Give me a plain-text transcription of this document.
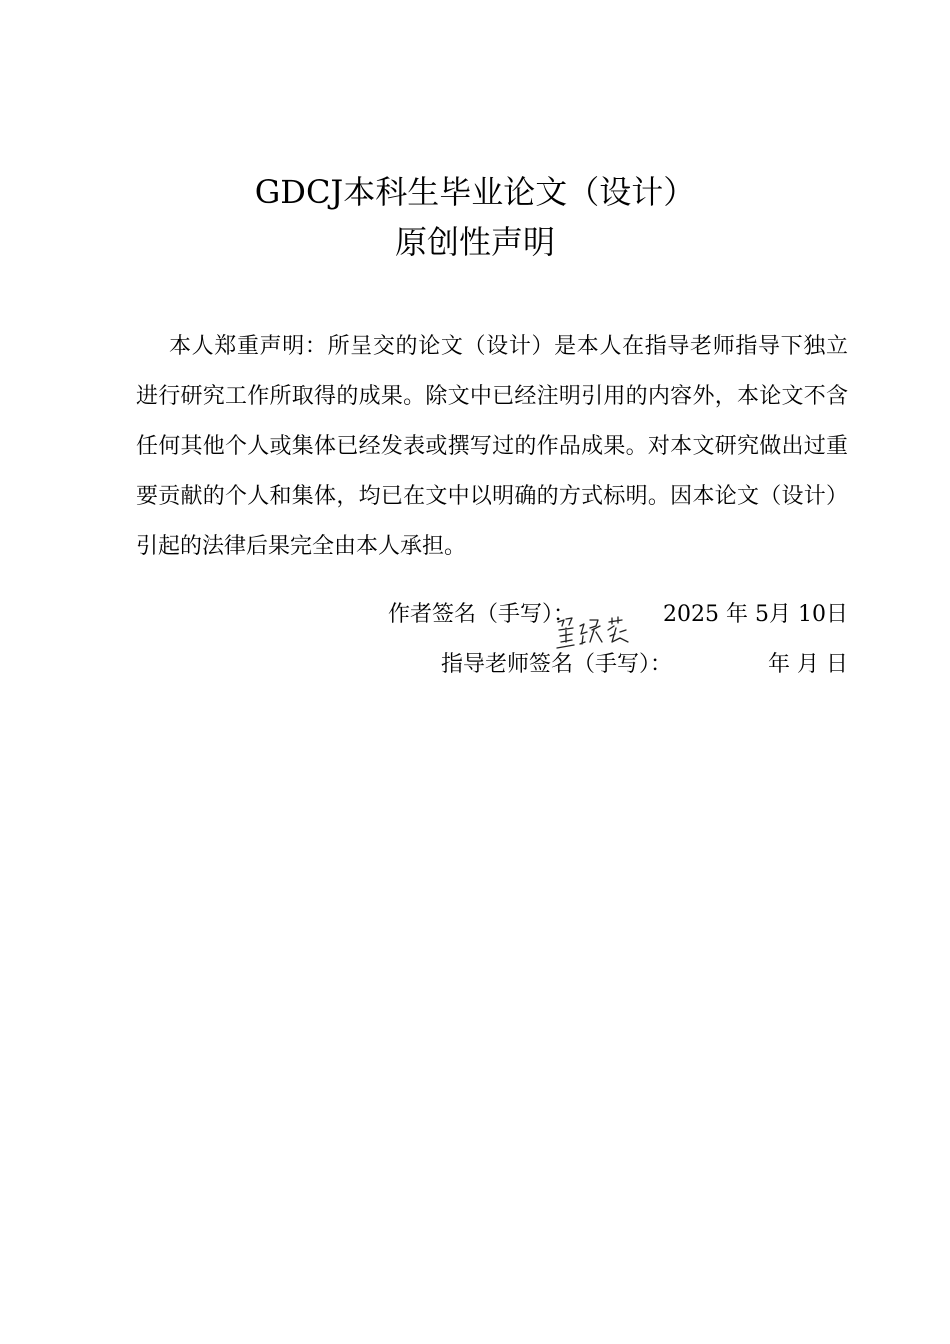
GDCJ本科生毕业论文（设计）
原创性声明

本人郑重声明：所呈交的论文（设计）是本人在指导老师指导下独立进行研究工作所取得的成果。除文中已经注明引用的内容外，本论文不含任何其他个人或集体已经发表或撰写过的作品成果。对本文研究做出过重要贡献的个人和集体，均已在文中以明确的方式标明。因本论文（设计）引起的法律后果完全由本人承担。

作者签名（手写）：	2025 年 5月 10日
指导老师签名（手写）：	年 月 日
